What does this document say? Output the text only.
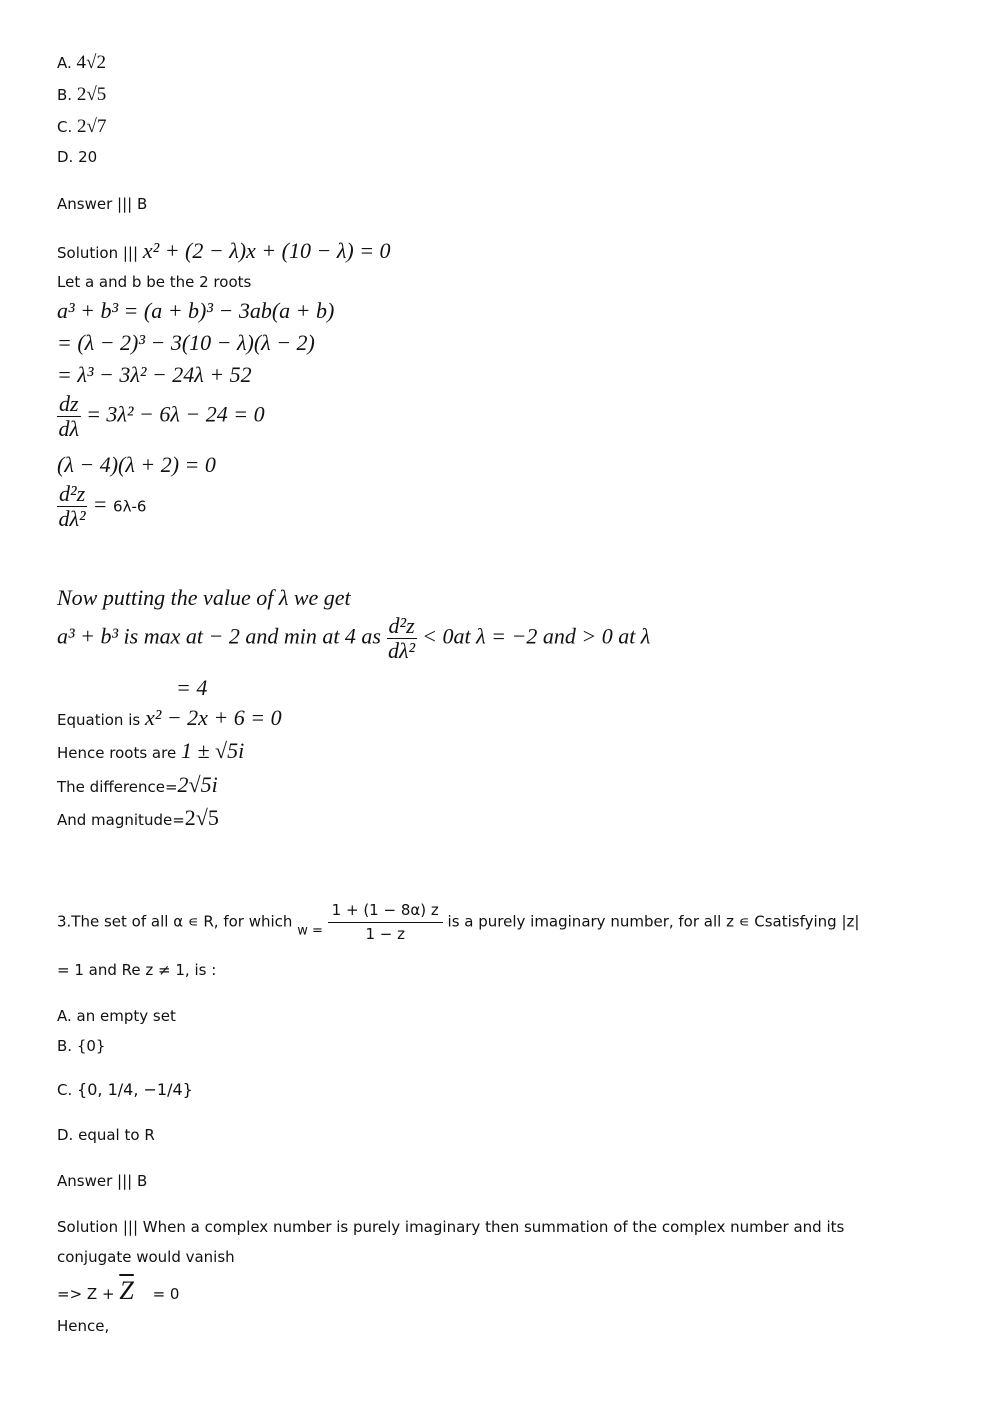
A. 4√2
B. 2√5
C. 2√7
D. 20
Answer ||| B
Solution ||| x² + (2 − λ)x + (10 − λ) = 0
Let a and b be the 2 roots
a³ + b³ = (a + b)³ − 3ab(a + b)
= (λ − 2)³ − 3(10 − λ)(λ − 2)
= λ³ − 3λ² − 24λ + 52
$\frac{dz}{d\lambda} = 3\lambda^2 - 6\lambda - 24 = 0$
(λ − 4)(λ + 2) = 0
$\frac{\text{d²z}}{\text{dλ²}} = 6\lambda-6$
Now putting the value of λ we get
a³ + b³ is max at − 2 and min at 4 as $\frac{\text{d²z}}{\text{dλ²}} < 0at$ λ = −2 and > 0 at λ
= 4
Equation is x² − 2x + 6 = 0
Hence roots are 1 ± √5i
The difference=2√5i
And magnitude=2√5
3.The set of all α ∊ R, for which $w = \frac{1 + (1 - 8\alpha) z}{1 - z}$ is a purely imaginary number, for all z ∊ Csatisfying |z|
= 1 and Re z ≠ 1, is :
A. an empty set
B. {0}
C. {0, 1/4, −1/4}
D. equal to R
Answer ||| B
Solution ||| When a complex number is purely imaginary then summation of the complex number and its
conjugate would vanish
=> $Z + \overline{Z} = 0$
Hence,
